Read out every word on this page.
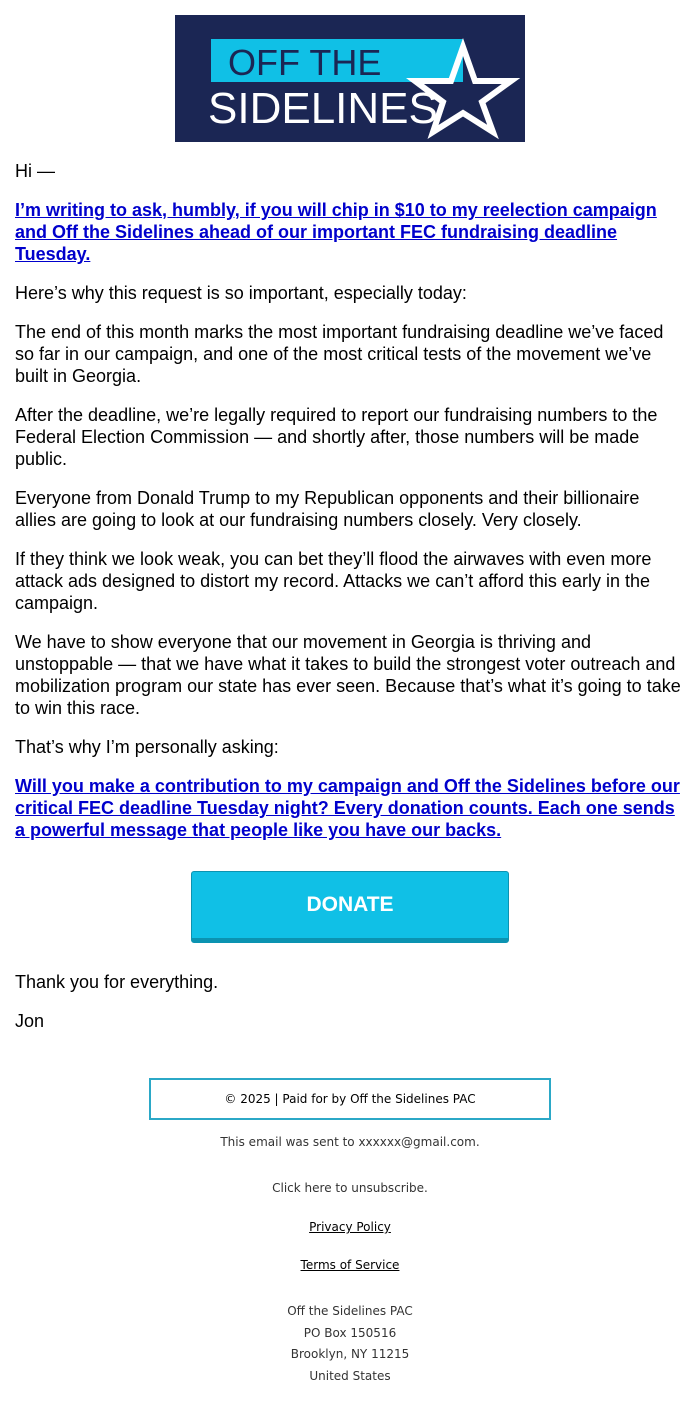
OFF THE
SIDELINES
Hi —
I’m writing to ask, humbly, if you will chip in $10 to my reelection campaign and Off the Sidelines ahead of our important FEC fundraising deadline Tuesday.
Here’s why this request is so important, especially today:
The end of this month marks the most important fundraising deadline we’ve faced so far in our campaign, and one of the most critical tests of the movement we’ve built in Georgia.
After the deadline, we’re legally required to report our fundraising numbers to the Federal Election Commission — and shortly after, those numbers will be made public.
Everyone from Donald Trump to my Republican opponents and their billionaire allies are going to look at our fundraising numbers closely. Very closely.
If they think we look weak, you can bet they’ll flood the airwaves with even more attack ads designed to distort my record. Attacks we can’t afford this early in the campaign.
We have to show everyone that our movement in Georgia is thriving and unstoppable — that we have what it takes to build the strongest voter outreach and mobilization program our state has ever seen. Because that’s what it’s going to take to win this race.
That’s why I’m personally asking:
Will you make a contribution to my campaign and Off the Sidelines before our critical FEC deadline Tuesday night? Every donation counts. Each one sends a powerful message that people like you have our backs.
DONATE
Thank you for everything.
Jon
© 2025 | Paid for by Off the Sidelines PAC
This email was sent to xxxxxx@gmail.com.
Click here to unsubscribe.
Privacy Policy
Terms of Service
Off the Sidelines PAC
PO Box 150516
Brooklyn, NY 11215
United States
